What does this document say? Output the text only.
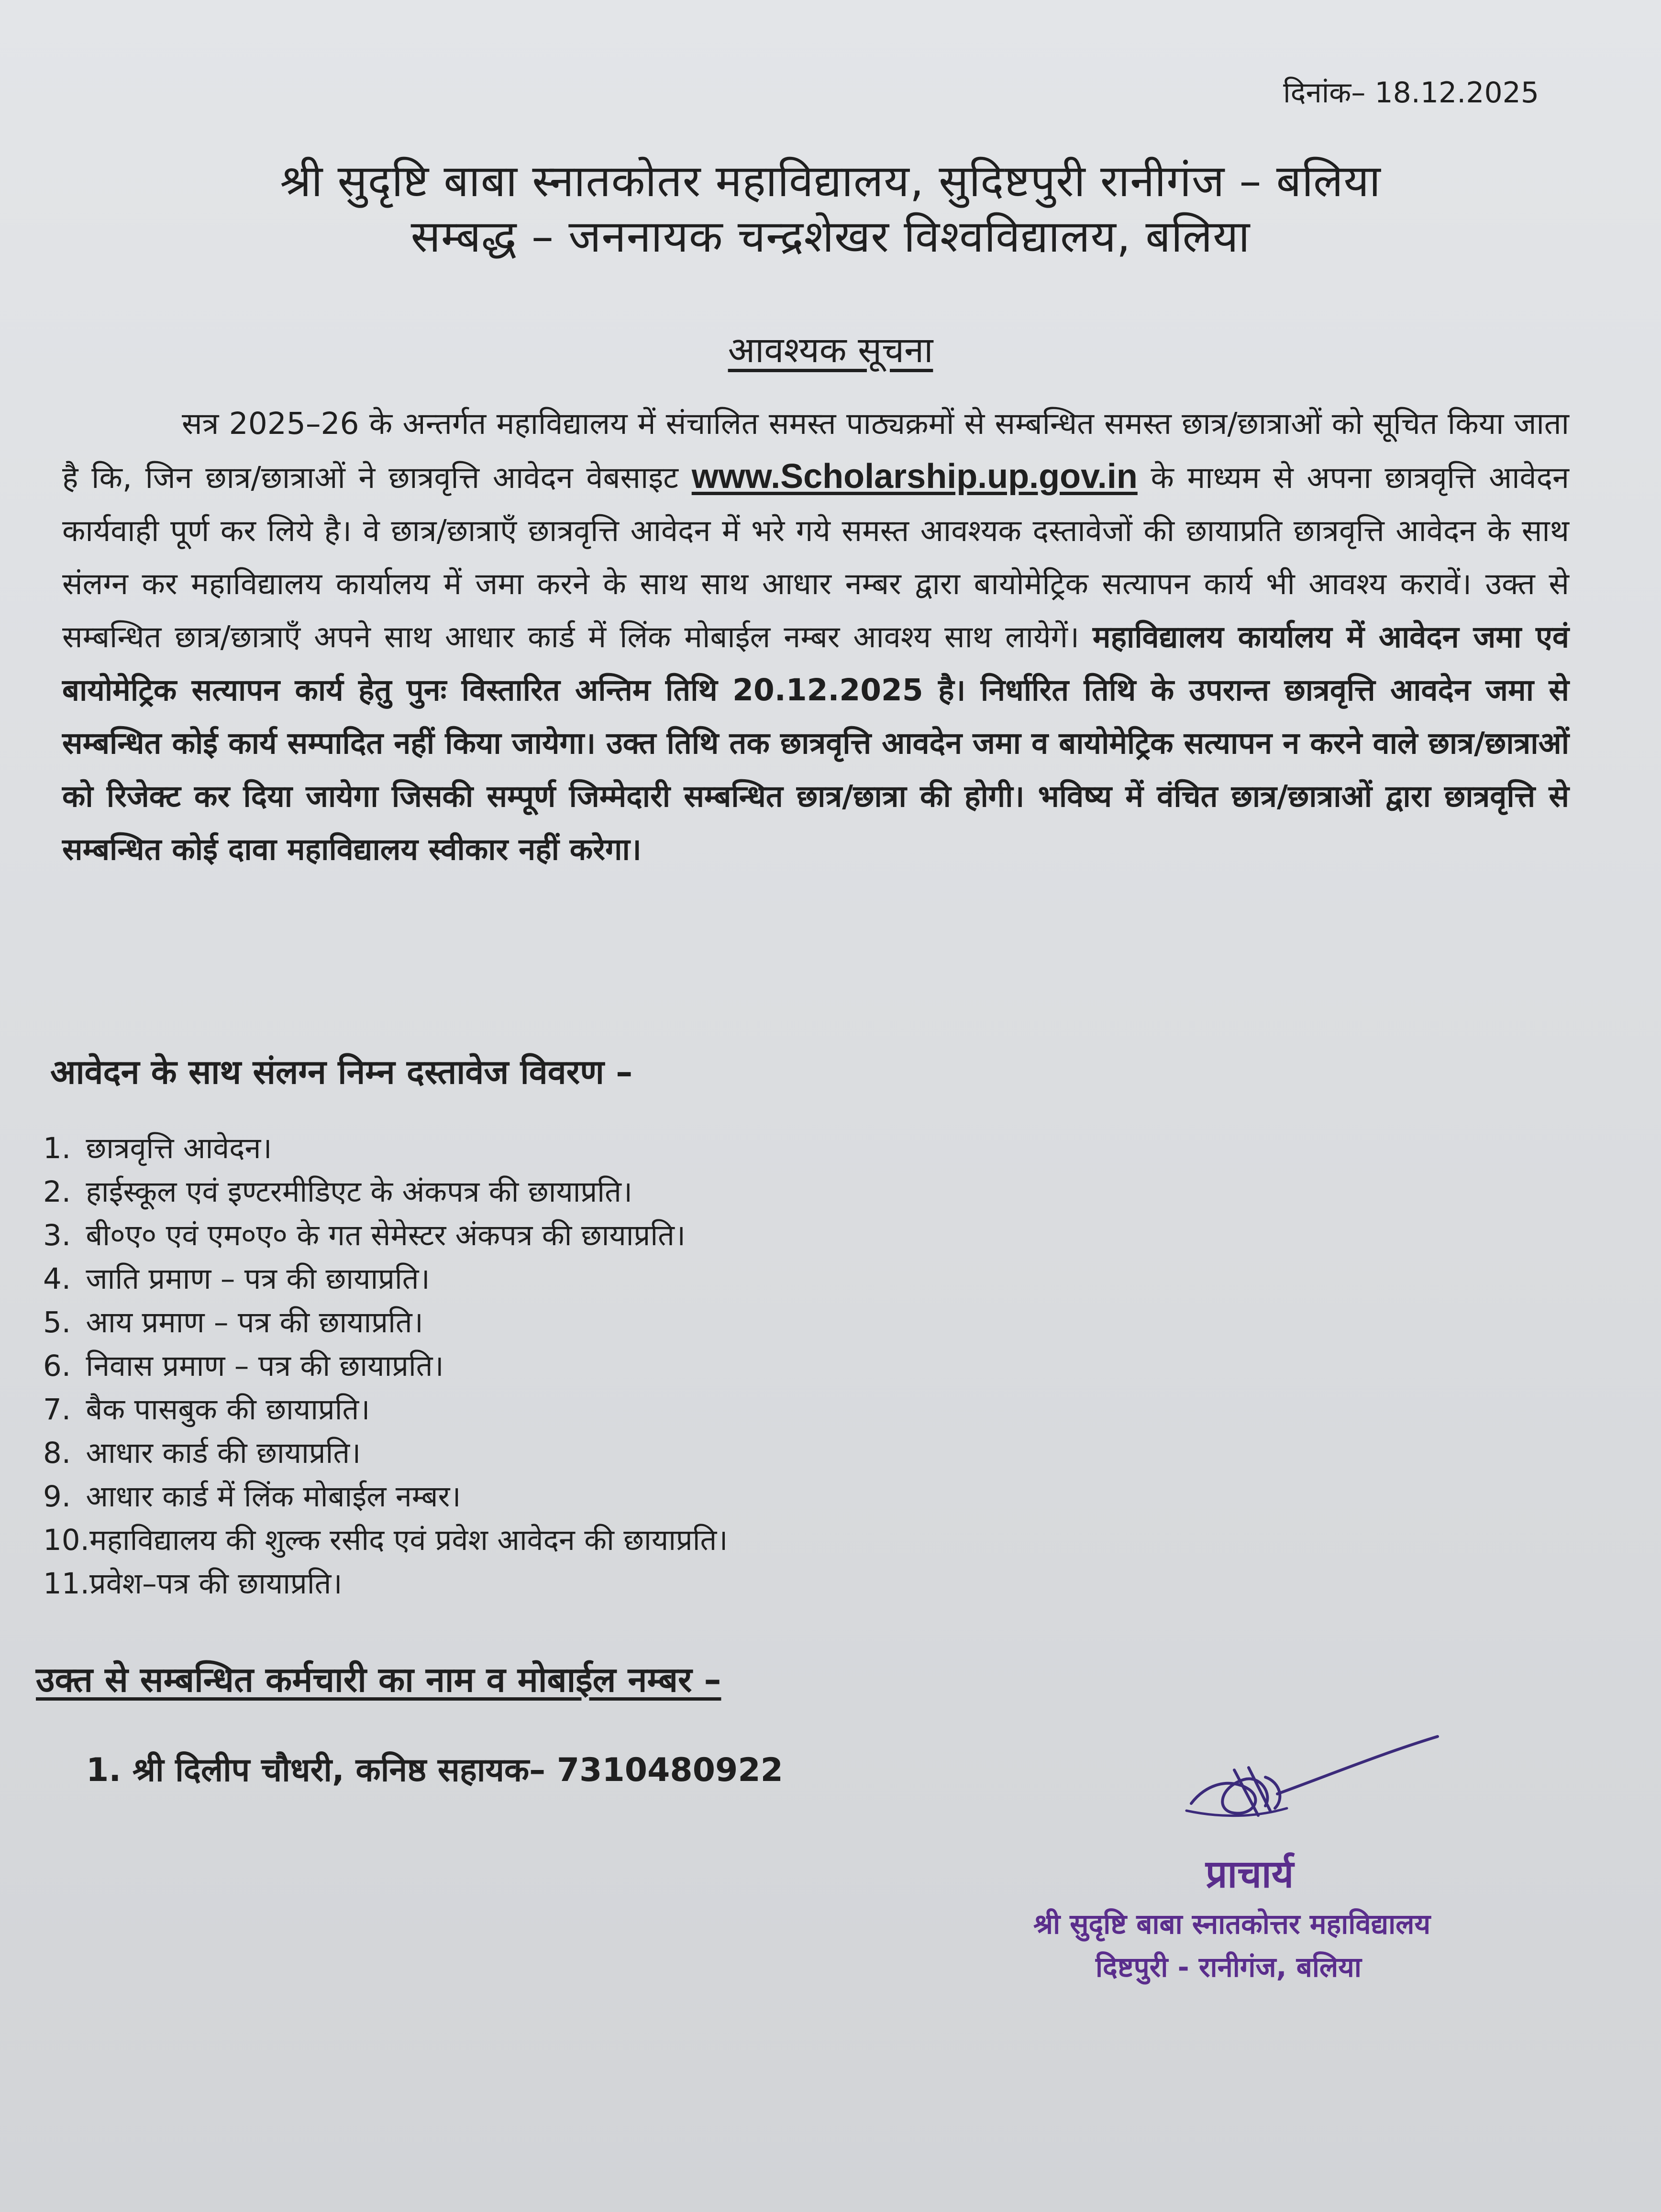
दिनांक– 18.12.2025
श्री सुदृष्टि बाबा स्नातकोतर महाविद्यालय, सुदिष्टपुरी रानीगंज – बलिया
सम्बद्ध – जननायक चन्द्रशेखर विश्वविद्यालय, बलिया
आवश्यक सूचना
सत्र 2025–26 के अन्तर्गत महाविद्यालय में संचालित समस्त पाठ्यक्रमों से सम्बन्धित समस्त छात्र/छात्राओं को सूचित किया जाता है कि, जिन छात्र/छात्राओं ने छात्रवृत्ति आवेदन वेबसाइट www.Scholarship.up.gov.in के माध्यम से अपना छात्रवृत्ति आवेदन कार्यवाही पूर्ण कर लिये है। वे छात्र/छात्राएँ छात्रवृत्ति आवेदन में भरे गये समस्त आवश्यक दस्तावेजों की छायाप्रति छात्रवृत्ति आवेदन के साथ संलग्न कर महाविद्यालय कार्यालय में जमा करने के साथ साथ आधार नम्बर द्वारा बायोमेट्रिक सत्यापन कार्य भी आवश्य करावें। उक्त से सम्बन्धित छात्र/छात्राएँ अपने साथ आधार कार्ड में लिंक मोबाईल नम्बर आवश्य साथ लायेगें। महाविद्यालय कार्यालय में आवेदन जमा एवं बायोमेट्रिक सत्यापन कार्य हेतु पुनः विस्तारित अन्तिम तिथि 20.12.2025 है। निर्धारित तिथि के उपरान्त छात्रवृत्ति आवदेन जमा से सम्बन्धित कोई कार्य सम्पादित नहीं किया जायेगा। उक्त तिथि तक छात्रवृत्ति आवदेन जमा व बायोमेट्रिक सत्यापन न करने वाले छात्र/छात्राओं को रिजेक्ट कर दिया जायेगा जिसकी सम्पूर्ण जिम्मेदारी सम्बन्धित छात्र/छात्रा की होगी। भविष्य में वंचित छात्र/छात्राओं द्वारा छात्रवृत्ति से सम्बन्धित कोई दावा महाविद्यालय स्वीकार नहीं करेगा।
आवेदन के साथ संलग्न निम्न दस्तावेज विवरण –
1. छात्रवृत्ति आवेदन।
2. हाईस्कूल एवं इण्टरमीडिएट के अंकपत्र की छायाप्रति।
3. बी०ए० एवं एम०ए० के गत सेमेस्टर अंकपत्र की छायाप्रति।
4. जाति प्रमाण – पत्र की छायाप्रति।
5. आय प्रमाण – पत्र की छायाप्रति।
6. निवास प्रमाण – पत्र की छायाप्रति।
7. बैक पासबुक की छायाप्रति।
8. आधार कार्ड की छायाप्रति।
9. आधार कार्ड में लिंक मोबाईल नम्बर।
10.महाविद्यालय की शुल्क रसीद एवं प्रवेश आवेदन की छायाप्रति।
11.प्रवेश–पत्र की छायाप्रति।
उक्त से सम्बन्धित कर्मचारी का नाम व मोबाईल नम्बर –
1. श्री दिलीप चौधरी, कनिष्ठ सहायक– 7310480922
प्राचार्य
श्री सुदृष्टि बाबा स्नातकोत्तर महाविद्यालय
दिष्टपुरी - रानीगंज, बलिया
